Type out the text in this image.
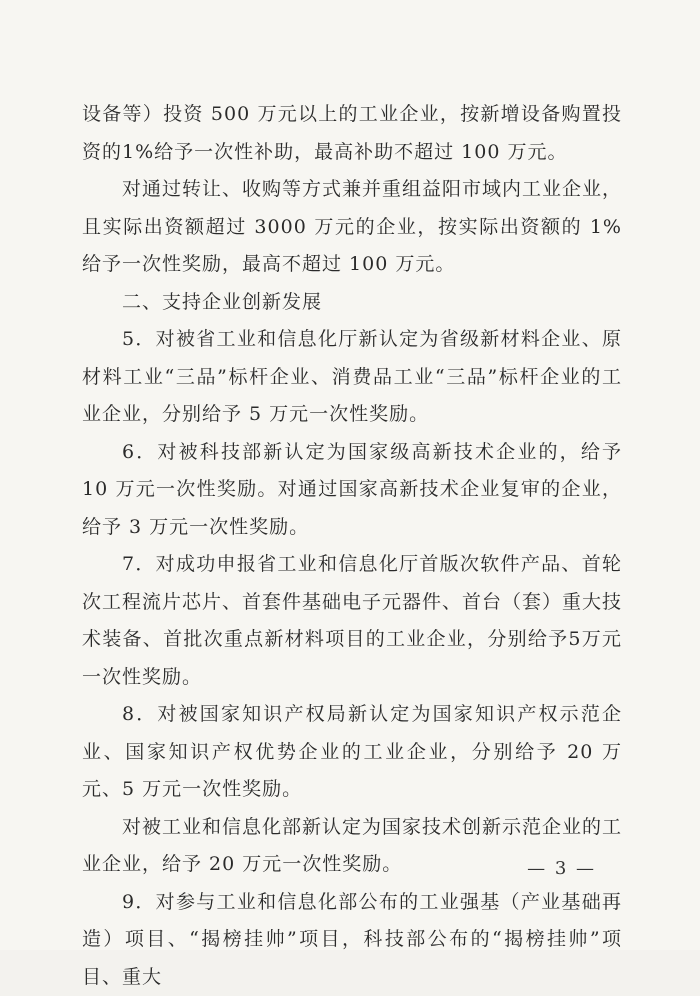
设备等）投资 500 万元以上的工业企业，按新增设备购置投资的1%给予一次性补助，最高补助不超过 100 万元。

对通过转让、收购等方式兼并重组益阳市域内工业企业，且实际出资额超过 3000 万元的企业，按实际出资额的 1%给予一次性奖励，最高不超过 100 万元。

二、支持企业创新发展

5．对被省工业和信息化厅新认定为省级新材料企业、原材料工业“三品”标杆企业、消费品工业“三品”标杆企业的工业企业，分别给予 5 万元一次性奖励。

6．对被科技部新认定为国家级高新技术企业的，给予 10 万元一次性奖励。对通过国家高新技术企业复审的企业，给予 3 万元一次性奖励。

7．对成功申报省工业和信息化厅首版次软件产品、首轮次工程流片芯片、首套件基础电子元器件、首台（套）重大技术装备、首批次重点新材料项目的工业企业，分别给予5万元一次性奖励。

8．对被国家知识产权局新认定为国家知识产权示范企业、国家知识产权优势企业的工业企业，分别给予 20 万元、5 万元一次性奖励。

对被工业和信息化部新认定为国家技术创新示范企业的工业企业，给予 20 万元一次性奖励。

9．对参与工业和信息化部公布的工业强基（产业基础再造）项目、“揭榜挂帅”项目，科技部公布的“揭榜挂帅”项目、重大

— 3 —
